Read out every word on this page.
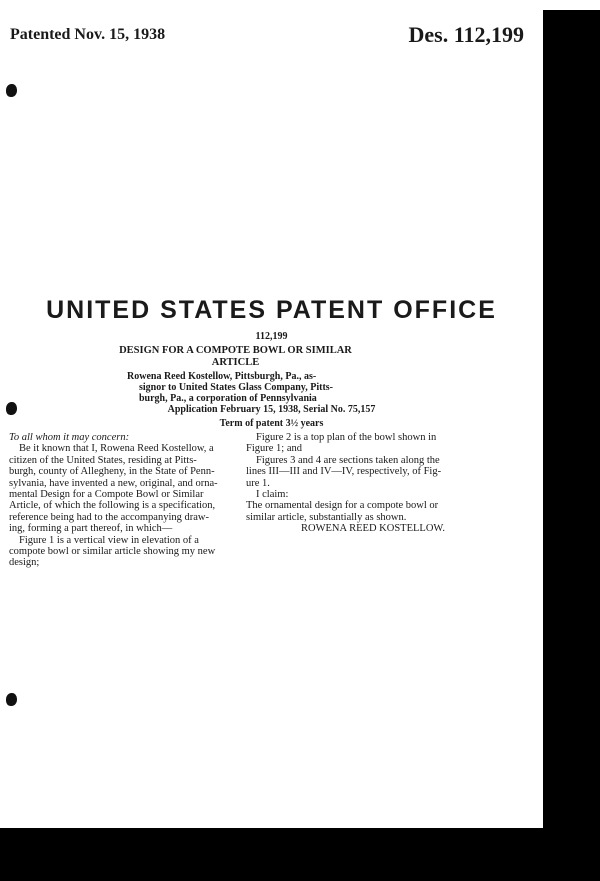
Patented Nov. 15, 1938	Des. 112,199
UNITED STATES PATENT OFFICE
112,199
DESIGN FOR A COMPOTE BOWL OR SIMILAR
ARTICLE
Rowena Reed Kostellow, Pittsburgh, Pa., as-
signor to United States Glass Company, Pitts-
burgh, Pa., a corporation of Pennsylvania
Application February 15, 1938, Serial No. 75,157
Term of patent 3½ years
To all whom it may concern:
Be it known that I, Rowena Reed Kostellow, a
citizen of the United States, residing at Pitts-
burgh, county of Allegheny, in the State of Penn-
sylvania, have invented a new, original, and orna-
mental Design for a Compote Bowl or Similar
Article, of which the following is a specification,
reference being had to the accompanying draw-
ing, forming a part thereof, in which—
Figure 1 is a vertical view in elevation of a
compote bowl or similar article showing my new
design;
Figure 2 is a top plan of the bowl shown in
Figure 1; and
Figures 3 and 4 are sections taken along the
lines III—III and IV—IV, respectively, of Fig-
ure 1.
I claim:
The ornamental design for a compote bowl or
similar article, substantially as shown.
ROWENA REED KOSTELLOW.
